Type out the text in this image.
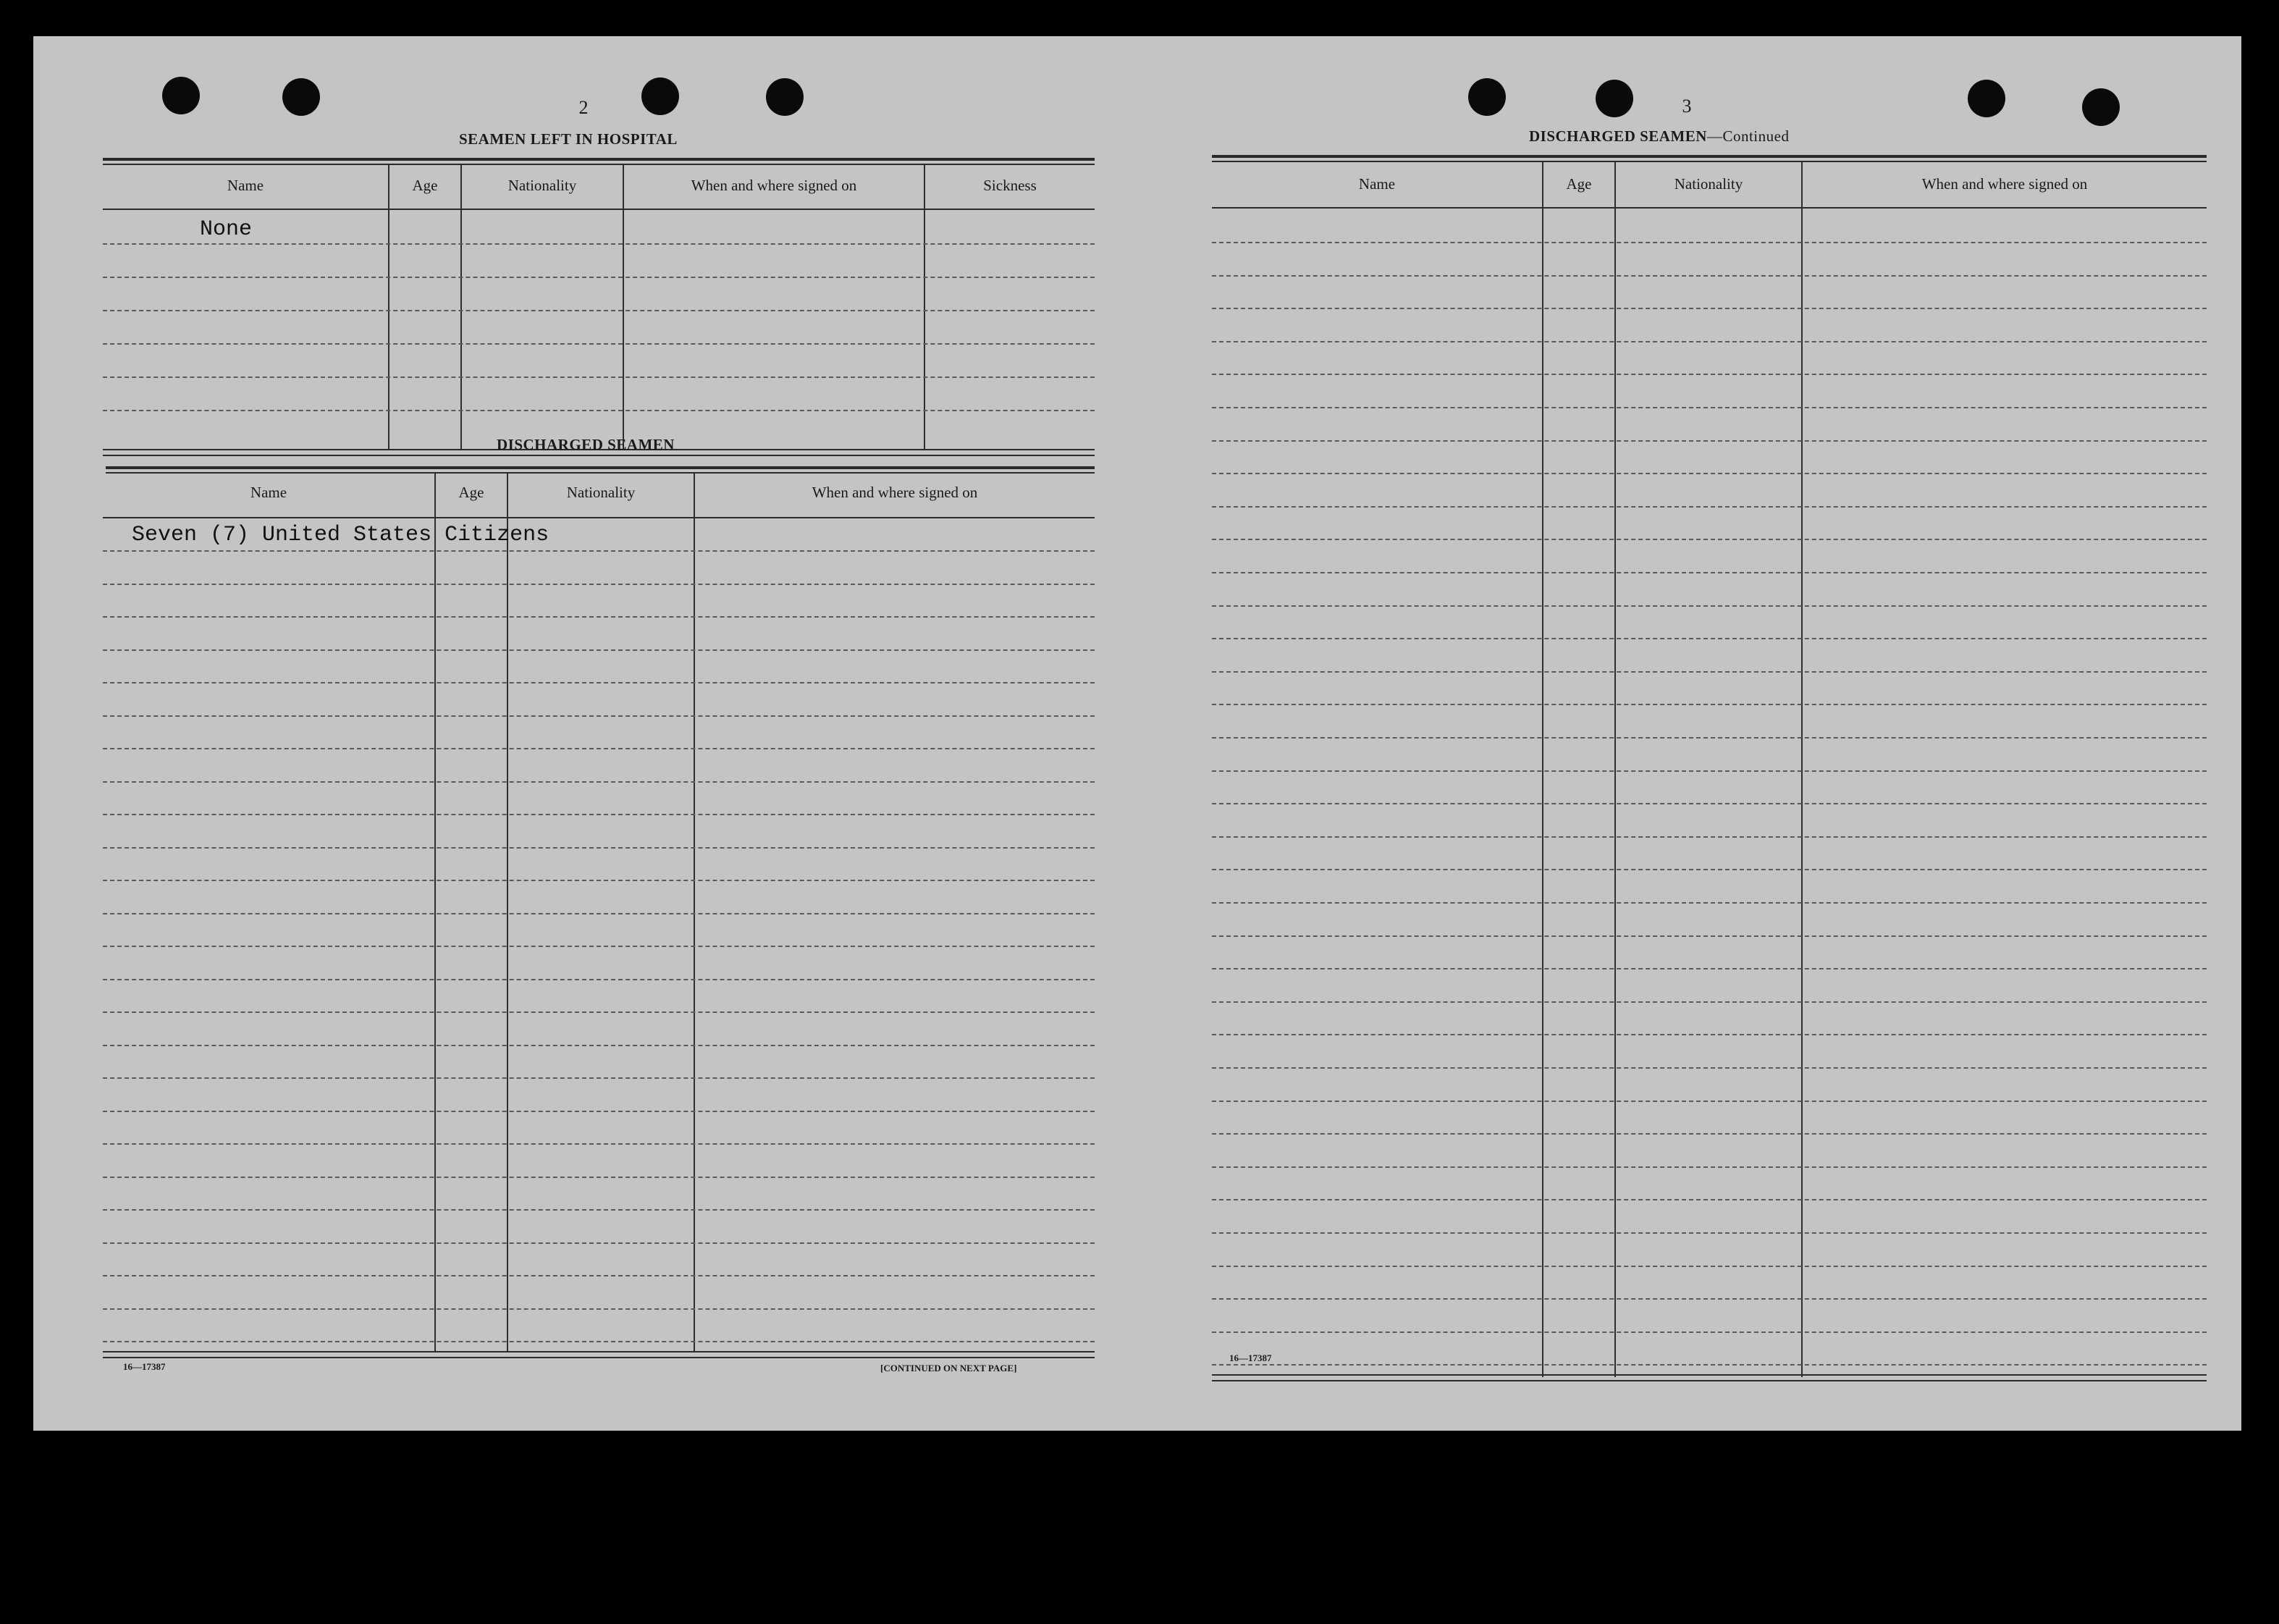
2
SEAMEN LEFT IN HOSPITAL
Name	Age	Nationality	When and where signed on	Sickness
None
DISCHARGED SEAMEN
Name	Age	Nationality	When and where signed on
Seven (7) United States Citizens
16—17387	[CONTINUED ON NEXT PAGE]
3
DISCHARGED SEAMEN—Continued
Name	Age	Nationality	When and where signed on
16—17387
